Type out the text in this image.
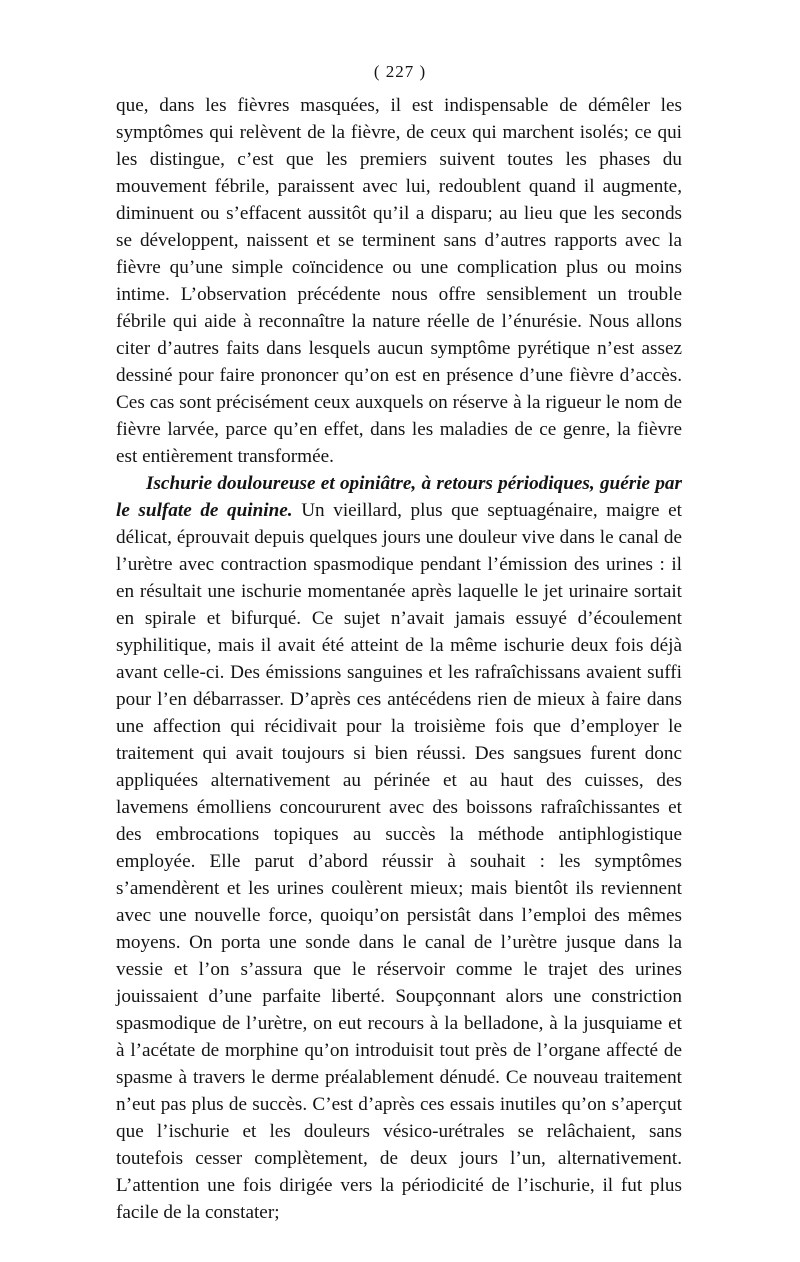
( 227 )

que, dans les fièvres masquées, il est indispensable de démêler les symptômes qui relèvent de la fièvre, de ceux qui marchent isolés; ce qui les distingue, c’est que les premiers suivent toutes les phases du mouvement fébrile, paraissent avec lui, redoublent quand il augmente, diminuent ou s’effacent aussitôt qu’il a disparu; au lieu que les seconds se développent, naissent et se terminent sans d’autres rapports avec la fièvre qu’une simple coïncidence ou une complication plus ou moins intime. L’observation précédente nous offre sensiblement un trouble fébrile qui aide à reconnaître la nature réelle de l’énurésie. Nous allons citer d’autres faits dans lesquels aucun symptôme pyrétique n’est assez dessiné pour faire prononcer qu’on est en présence d’une fièvre d’accès. Ces cas sont précisément ceux auxquels on réserve à la rigueur le nom de fièvre larvée, parce qu’en effet, dans les maladies de ce genre, la fièvre est entièrement transformée.

Ischurie douloureuse et opiniâtre, à retours périodiques, guérie par le sulfate de quinine. Un vieillard, plus que septuagénaire, maigre et délicat, éprouvait depuis quelques jours une douleur vive dans le canal de l’urètre avec contraction spasmodique pendant l’émission des urines : il en résultait une ischurie momentanée après laquelle le jet urinaire sortait en spirale et bifurqué. Ce sujet n’avait jamais essuyé d’écoulement syphilitique, mais il avait été atteint de la même ischurie deux fois déjà avant celle-ci. Des émissions sanguines et les rafraîchissans avaient suffi pour l’en débarrasser. D’après ces antécédens rien de mieux à faire dans une affection qui récidivait pour la troisième fois que d’employer le traitement qui avait toujours si bien réussi. Des sangsues furent donc appliquées alternativement au périnée et au haut des cuisses, des lavemens émolliens concoururent avec des boissons rafraîchissantes et des embrocations topiques au succès la méthode antiphlogistique employée. Elle parut d’abord réussir à souhait : les symptômes s’amendèrent et les urines coulèrent mieux; mais bientôt ils reviennent avec une nouvelle force, quoiqu’on persistât dans l’emploi des mêmes moyens. On porta une sonde dans le canal de l’urètre jusque dans la vessie et l’on s’assura que le réservoir comme le trajet des urines jouissaient d’une parfaite liberté. Soupçonnant alors une constriction spasmodique de l’urètre, on eut recours à la belladone, à la jusquiame et à l’acétate de morphine qu’on introduisit tout près de l’organe affecté de spasme à travers le derme préalablement dénudé. Ce nouveau traitement n’eut pas plus de succès. C’est d’après ces essais inutiles qu’on s’aperçut que l’ischurie et les douleurs vésico-urétrales se relâchaient, sans toutefois cesser complètement, de deux jours l’un, alternativement. L’attention une fois dirigée vers la périodicité de l’ischurie, il fut plus facile de la constater;
